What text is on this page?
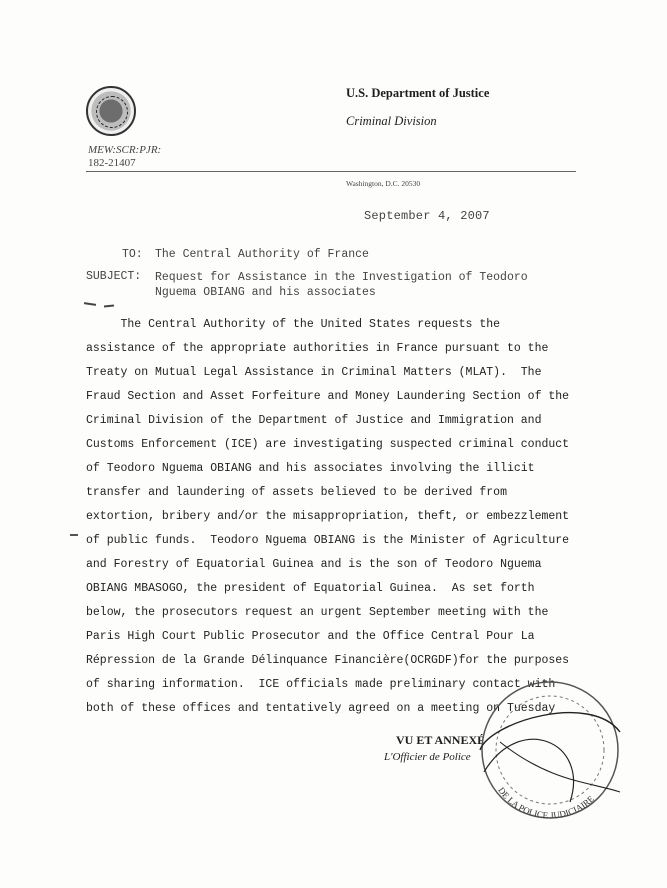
U.S. Department of Justice
Criminal Division
MEW:SCR:PJR:
182-21407
Washington, D.C. 20530
September 4, 2007
TO: The Central Authority of France
SUBJECT: Request for Assistance in the Investigation of Teodoro
Nguema OBIANG and his associates
The Central Authority of the United States requests the
assistance of the appropriate authorities in France pursuant to the
Treaty on Mutual Legal Assistance in Criminal Matters (MLAT).  The
Fraud Section and Asset Forfeiture and Money Laundering Section of the
Criminal Division of the Department of Justice and Immigration and
Customs Enforcement (ICE) are investigating suspected criminal conduct
of Teodoro Nguema OBIANG and his associates involving the illicit
transfer and laundering of assets believed to be derived from
extortion, bribery and/or the misappropriation, theft, or embezzlement
of public funds.  Teodoro Nguema OBIANG is the Minister of Agriculture
and Forestry of Equatorial Guinea and is the son of Teodoro Nguema
OBIANG MBASOGO, the president of Equatorial Guinea.  As set forth
below, the prosecutors request an urgent September meeting with the
Paris High Court Public Prosecutor and the Office Central Pour La
Répression de la Grande Délinquance Financière(OCRGDF)for the purposes
of sharing information.  ICE officials made preliminary contact with
both of these offices and tentatively agreed on a meeting on Tuesday
VU ET ANNEXÉ
L'Officier de Police
DE LA POLICE JUDICIAIRE
